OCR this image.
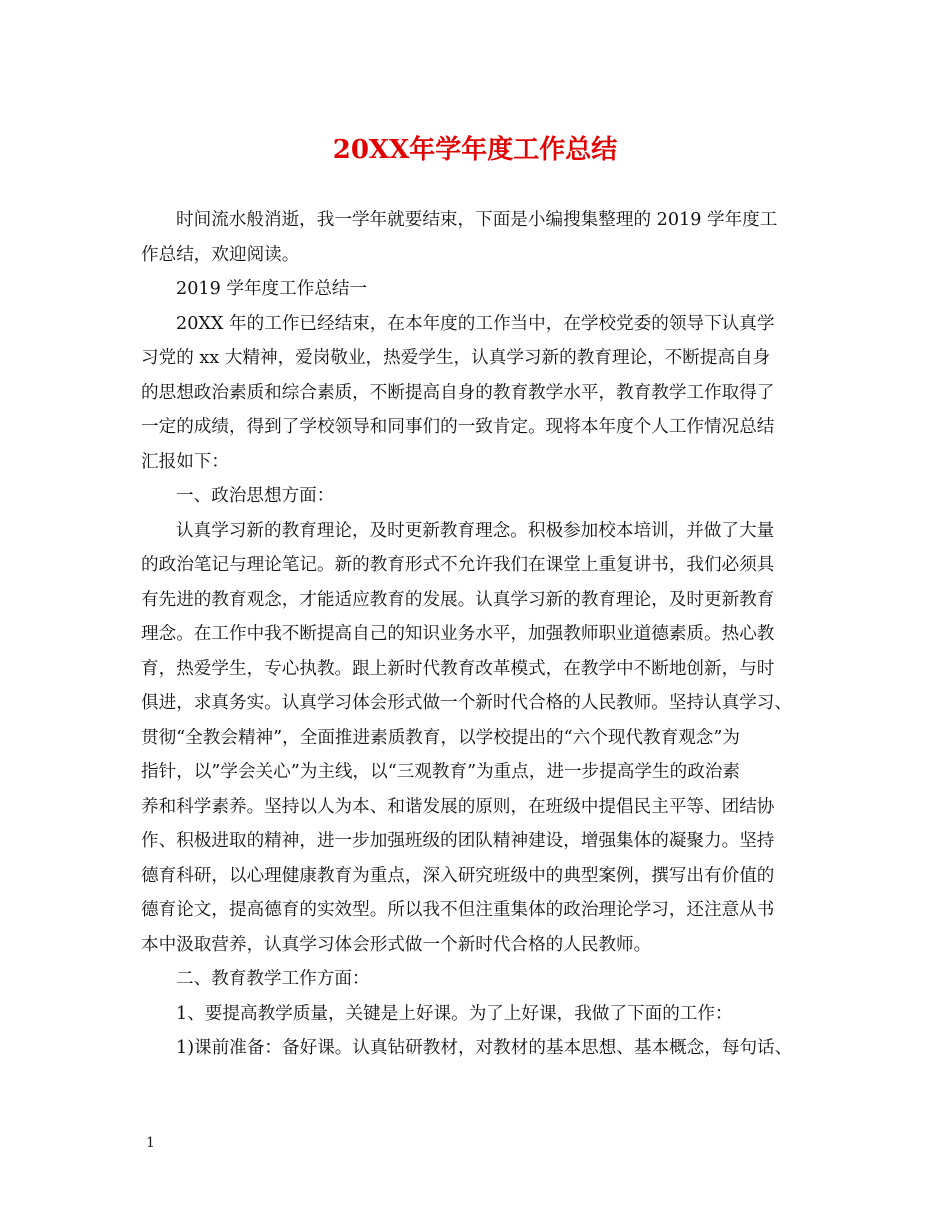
20XX年学年度工作总结
时间流水般消逝，我一学年就要结束，下面是小编搜集整理的 2019 学年度工
作总结，欢迎阅读。
2019 学年度工作总结一
20XX 年的工作已经结束，在本年度的工作当中，在学校党委的领导下认真学
习党的 xx 大精神，爱岗敬业，热爱学生，认真学习新的教育理论，不断提高自身
的思想政治素质和综合素质，不断提高自身的教育教学水平，教育教学工作取得了
一定的成绩，得到了学校领导和同事们的一致肯定。现将本年度个人工作情况总结
汇报如下：
一、政治思想方面：
认真学习新的教育理论，及时更新教育理念。积极参加校本培训，并做了大量
的政治笔记与理论笔记。新的教育形式不允许我们在课堂上重复讲书，我们必须具
有先进的教育观念，才能适应教育的发展。认真学习新的教育理论，及时更新教育
理念。在工作中我不断提高自己的知识业务水平，加强教师职业道德素质。热心教
育，热爱学生，专心执教。跟上新时代教育改革模式，在教学中不断地创新，与时
俱进，求真务实。认真学习体会形式做一个新时代合格的人民教师。坚持认真学习、
贯彻“全教会精神”，全面推进素质教育，以学校提出的“六个现代教育观念”为
指针，以”学会关心”为主线，以“三观教育”为重点，进一步提高学生的政治素
养和科学素养。坚持以人为本、和谐发展的原则，在班级中提倡民主平等、团结协
作、积极进取的精神，进一步加强班级的团队精神建设，增强集体的凝聚力。坚持
德育科研，以心理健康教育为重点，深入研究班级中的典型案例，撰写出有价值的
德育论文，提高德育的实效型。所以我不但注重集体的政治理论学习，还注意从书
本中汲取营养，认真学习体会形式做一个新时代合格的人民教师。
二、教育教学工作方面：
1、要提高教学质量，关键是上好课。为了上好课，我做了下面的工作：
1)课前准备：备好课。认真钻研教材，对教材的基本思想、基本概念，每句话、
1
